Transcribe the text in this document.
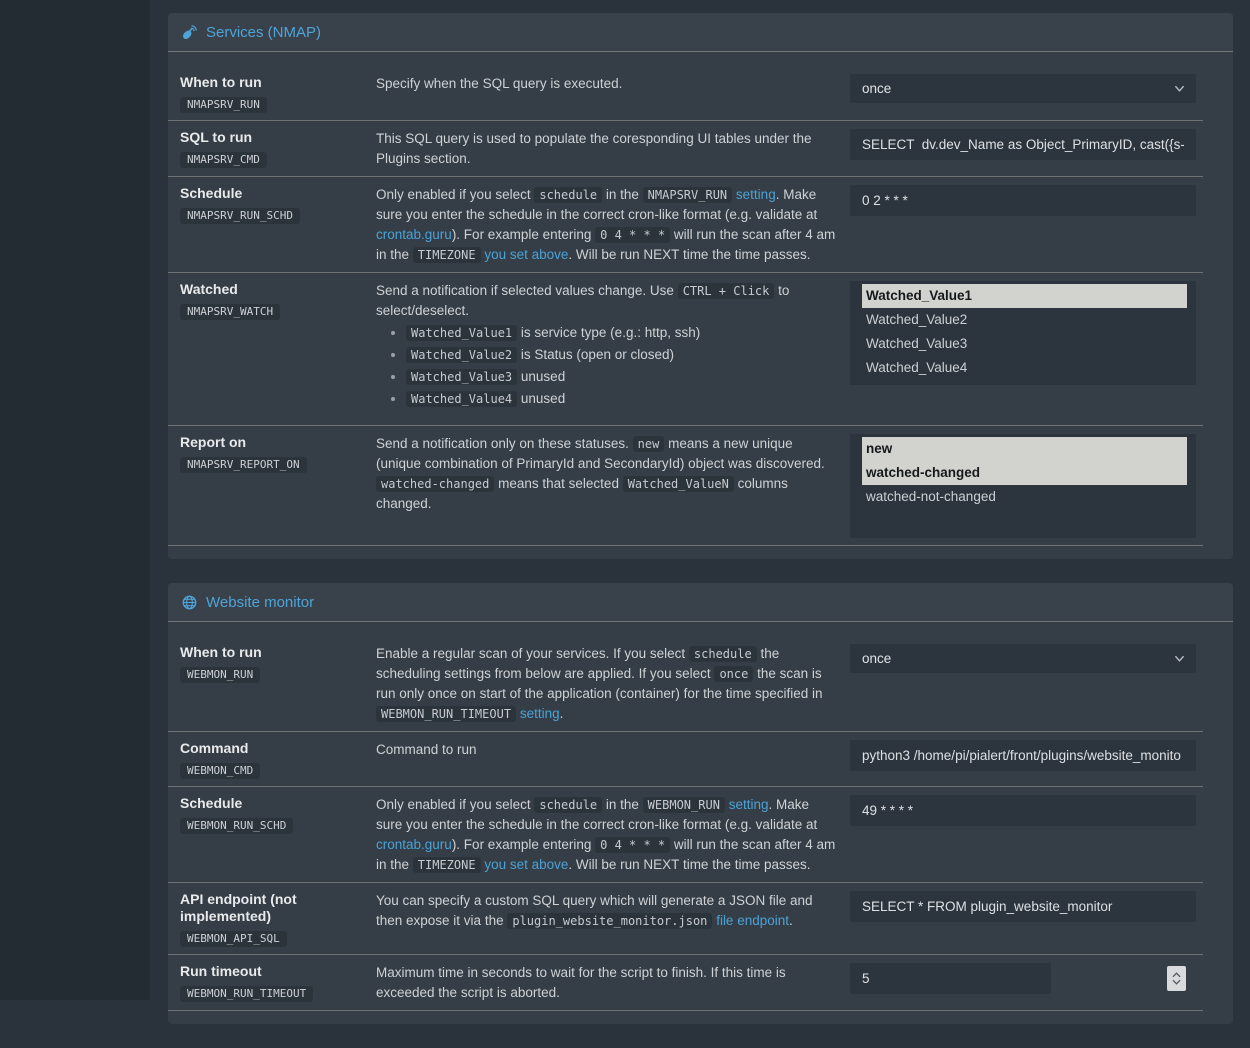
Services (NMAP)
When to run
NMAPSRV_RUN
Specify when the SQL query is executed.	once
SQL to run
NMAPSRV_CMD
This SQL query is used to populate the coresponding UI tables under the Plugins section.
SELECT dv.dev_Name as Object_PrimaryID, cast({s-quo
Schedule
NMAPSRV_RUN_SCHD
Only enabled if you select schedule in the NMAPSRV_RUN setting. Make sure you enter the schedule in the correct cron-like format (e.g. validate at crontab.guru). For example entering 0 4 * * * will run the scan after 4 am in the TIMEZONE you set above. Will be run NEXT time the time passes.
0 2 * * *
Watched
NMAPSRV_WATCH
Send a notification if selected values change. Use CTRL + Click to select/deselect.
• Watched_Value1 is service type (e.g.: http, ssh)
• Watched_Value2 is Status (open or closed)
• Watched_Value3 unused
• Watched_Value4 unused
Watched_Value1
Watched_Value2
Watched_Value3
Watched_Value4
Report on
NMAPSRV_REPORT_ON
Send a notification only on these statuses. new means a new unique (unique combination of PrimaryId and SecondaryId) object was discovered. watched-changed means that selected Watched_ValueN columns changed.
new
watched-changed
watched-not-changed
Website monitor
When to run
WEBMON_RUN
Enable a regular scan of your services. If you select schedule the scheduling settings from below are applied. If you select once the scan is run only once on start of the application (container) for the time specified in WEBMON_RUN_TIMEOUT setting.
once
Command
WEBMON_CMD
Command to run
python3 /home/pi/pialert/front/plugins/website_monito
Schedule
WEBMON_RUN_SCHD
Only enabled if you select schedule in the WEBMON_RUN setting. Make sure you enter the schedule in the correct cron-like format (e.g. validate at crontab.guru). For example entering 0 4 * * * will run the scan after 4 am in the TIMEZONE you set above. Will be run NEXT time the time passes.
49 * * * *
API endpoint (not implemented)
WEBMON_API_SQL
You can specify a custom SQL query which will generate a JSON file and then expose it via the plugin_website_monitor.json file endpoint.
SELECT * FROM plugin_website_monitor
Run timeout
WEBMON_RUN_TIMEOUT
Maximum time in seconds to wait for the script to finish. If this time is exceeded the script is aborted.
5
